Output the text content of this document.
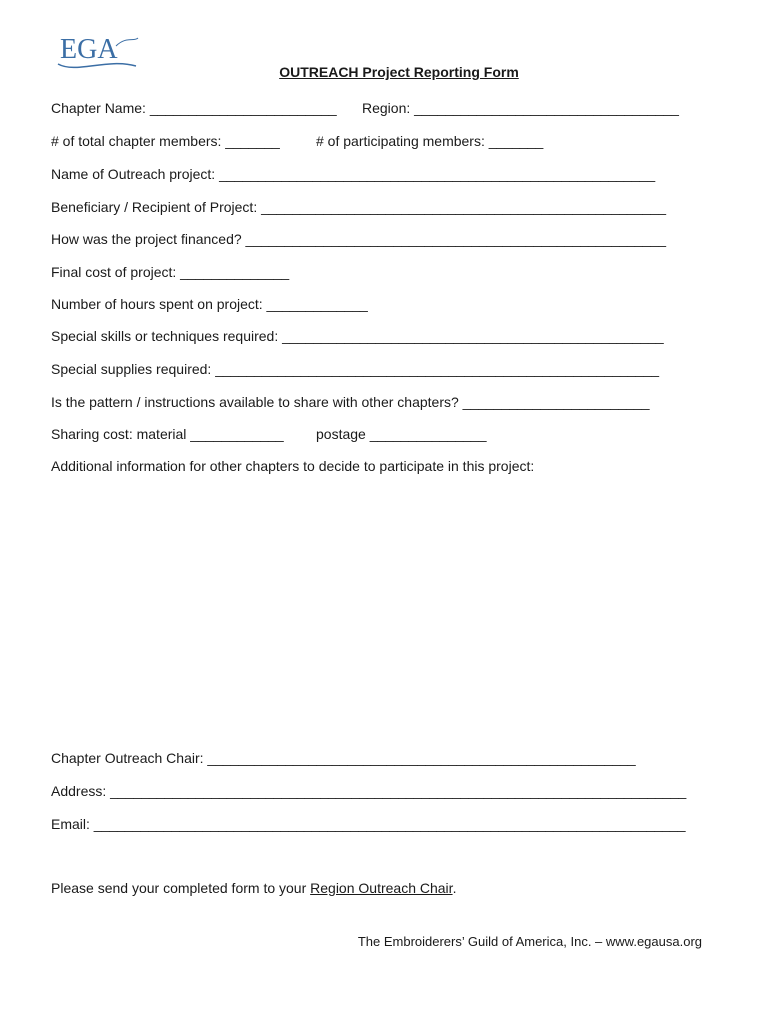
EGA
OUTREACH Project Reporting Form
Chapter Name: ________________________ Region: __________________________________
# of total chapter members: _______	# of participating members: _______
Name of Outreach project: ________________________________________________________
Beneficiary / Recipient of Project: ____________________________________________________
How was the project financed? ______________________________________________________
Final cost of project: ______________
Number of hours spent on project: _____________
Special skills or techniques required: _________________________________________________
Special supplies required: _________________________________________________________
Is the pattern / instructions available to share with other chapters? ________________________
Sharing cost: material ____________ postage _______________
Additional information for other chapters to decide to participate in this project:
Chapter Outreach Chair: _______________________________________________________
Address: __________________________________________________________________________
Email: ____________________________________________________________________________
Please send your completed form to your Region Outreach Chair.
The Embroiderers’ Guild of America, Inc. – www.egausa.org
